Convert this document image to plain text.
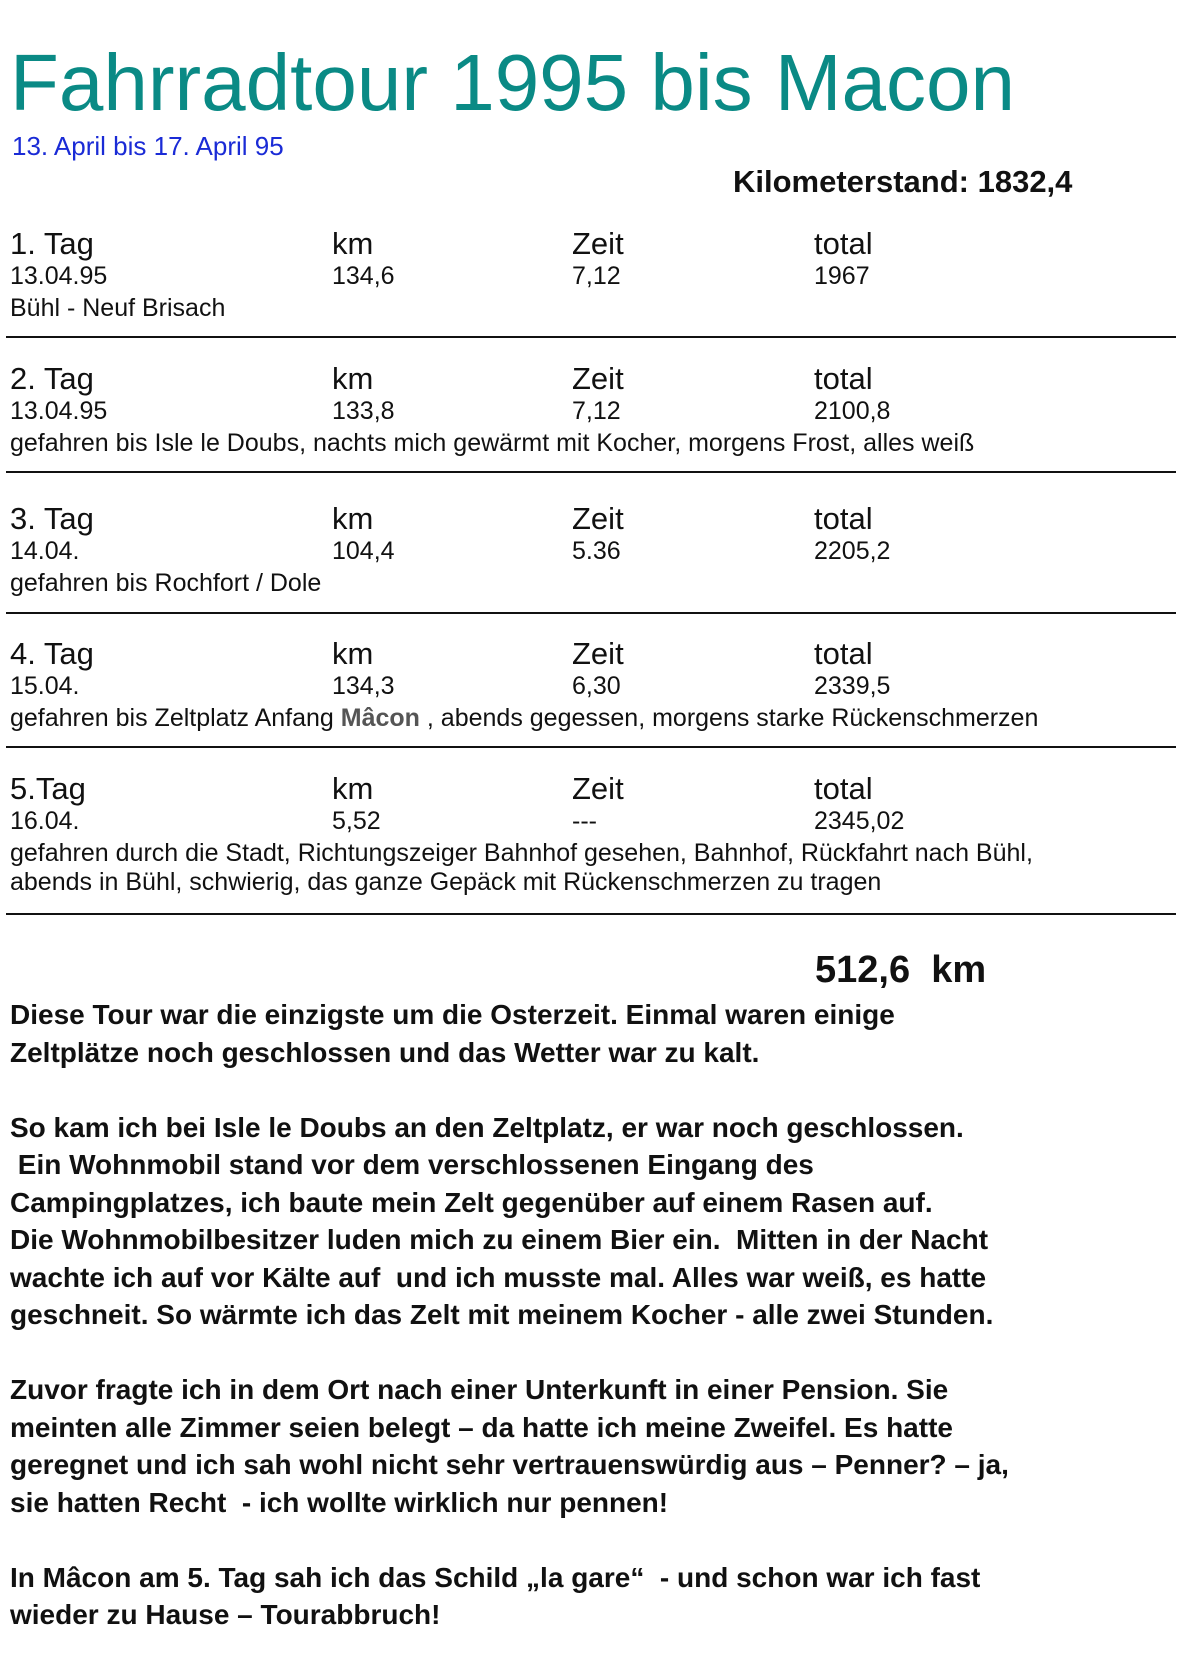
Fahrradtour 1995 bis Macon
13. April bis 17. April 95
Kilometerstand: 1832,4
1. Tag	km	Zeit	total
13.04.95	134,6	7,12	1967
Bühl - Neuf Brisach
2. Tag	km	Zeit	total
13.04.95	133,8	7,12	2100,8
gefahren bis Isle le Doubs, nachts mich gewärmt mit Kocher, morgens Frost, alles weiß
3. Tag	km	Zeit	total
14.04.	104,4	5.36	2205,2
gefahren bis Rochfort / Dole
4. Tag	km	Zeit	total
15.04.	134,3	6,30	2339,5
gefahren bis Zeltplatz Anfang Mâcon , abends gegessen, morgens starke Rückenschmerzen
5.Tag	km	Zeit	total
16.04.	5,52	---	2345,02
gefahren durch die Stadt, Richtungszeiger Bahnhof gesehen, Bahnhof, Rückfahrt nach Bühl,
abends in Bühl, schwierig, das ganze Gepäck mit Rückenschmerzen zu tragen
512,6  km

Diese Tour war die einzigste um die Osterzeit. Einmal waren einige
Zeltplätze noch geschlossen und das Wetter war zu kalt.

So kam ich bei Isle le Doubs an den Zeltplatz, er war noch geschlossen.
Ein Wohnmobil stand vor dem verschlossenen Eingang des
Campingplatzes, ich baute mein Zelt gegenüber auf einem Rasen auf.
Die Wohnmobilbesitzer luden mich zu einem Bier ein.  Mitten in der Nacht
wachte ich auf vor Kälte auf  und ich musste mal. Alles war weiß, es hatte
geschneit. So wärmte ich das Zelt mit meinem Kocher - alle zwei Stunden.

Zuvor fragte ich in dem Ort nach einer Unterkunft in einer Pension. Sie
meinten alle Zimmer seien belegt – da hatte ich meine Zweifel. Es hatte
geregnet und ich sah wohl nicht sehr vertrauenswürdig aus – Penner? – ja,
sie hatten Recht  - ich wollte wirklich nur pennen!

In Mâcon am 5. Tag sah ich das Schild „la gare“  - und schon war ich fast
wieder zu Hause – Tourabbruch!
